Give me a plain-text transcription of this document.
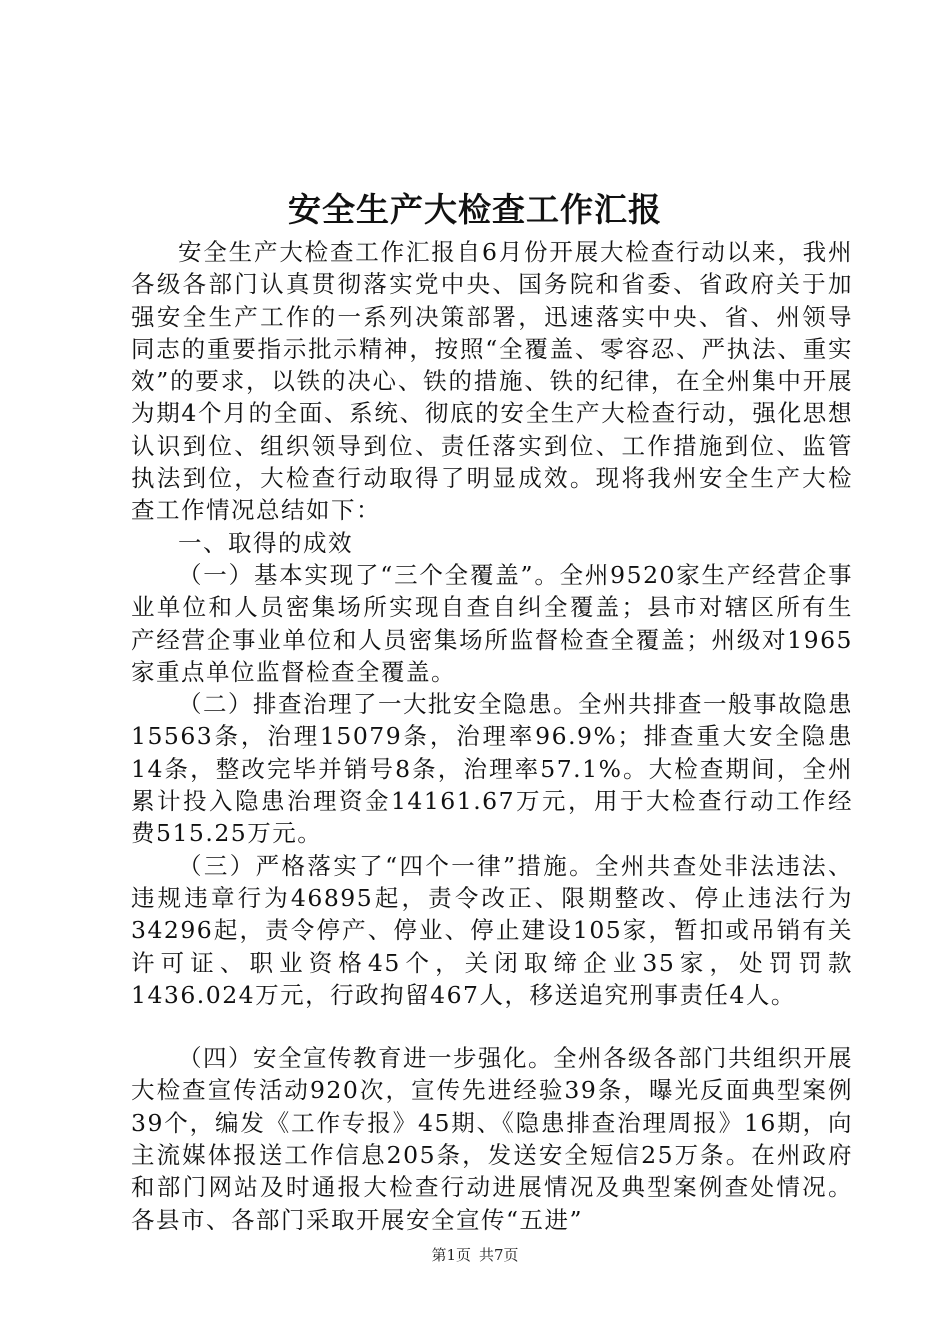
安全生产大检查工作汇报

安全生产大检查工作汇报自6月份开展大检查行动以来，我州各级各部门认真贯彻落实党中央、国务院和省委、省政府关于加强安全生产工作的一系列决策部署，迅速落实中央、省、州领导同志的重要指示批示精神，按照“全覆盖、零容忍、严执法、重实效”的要求，以铁的决心、铁的措施、铁的纪律，在全州集中开展为期4个月的全面、系统、彻底的安全生产大检查行动，强化思想认识到位、组织领导到位、责任落实到位、工作措施到位、监管执法到位，大检查行动取得了明显成效。现将我州安全生产大检查工作情况总结如下：

一、取得的成效

（一）基本实现了“三个全覆盖”。全州9520家生产经营企事业单位和人员密集场所实现自查自纠全覆盖；县市对辖区所有生产经营企事业单位和人员密集场所监督检查全覆盖；州级对1965家重点单位监督检查全覆盖。

（二）排查治理了一大批安全隐患。全州共排查一般事故隐患15563条，治理15079条，治理率96.9%；排查重大安全隐患14条，整改完毕并销号8条，治理率57.1%。大检查期间，全州累计投入隐患治理资金14161.67万元，用于大检查行动工作经费515.25万元。

（三）严格落实了“四个一律”措施。全州共查处非法违法、违规违章行为46895起，责令改正、限期整改、停止违法行为34296起，责令停产、停业、停止建设105家，暂扣或吊销有关许可证、职业资格45个，关闭取缔企业35家，处罚罚款1436.024万元，行政拘留467人，移送追究刑事责任4人。

（四）安全宣传教育进一步强化。全州各级各部门共组织开展大检查宣传活动920次，宣传先进经验39条，曝光反面典型案例39个，编发《工作专报》45期、《隐患排查治理周报》16期，向主流媒体报送工作信息205条，发送安全短信25万条。在州政府和部门网站及时通报大检查行动进展情况及典型案例查处情况。各县市、各部门采取开展安全宣传“五进”

第1页 共7页
